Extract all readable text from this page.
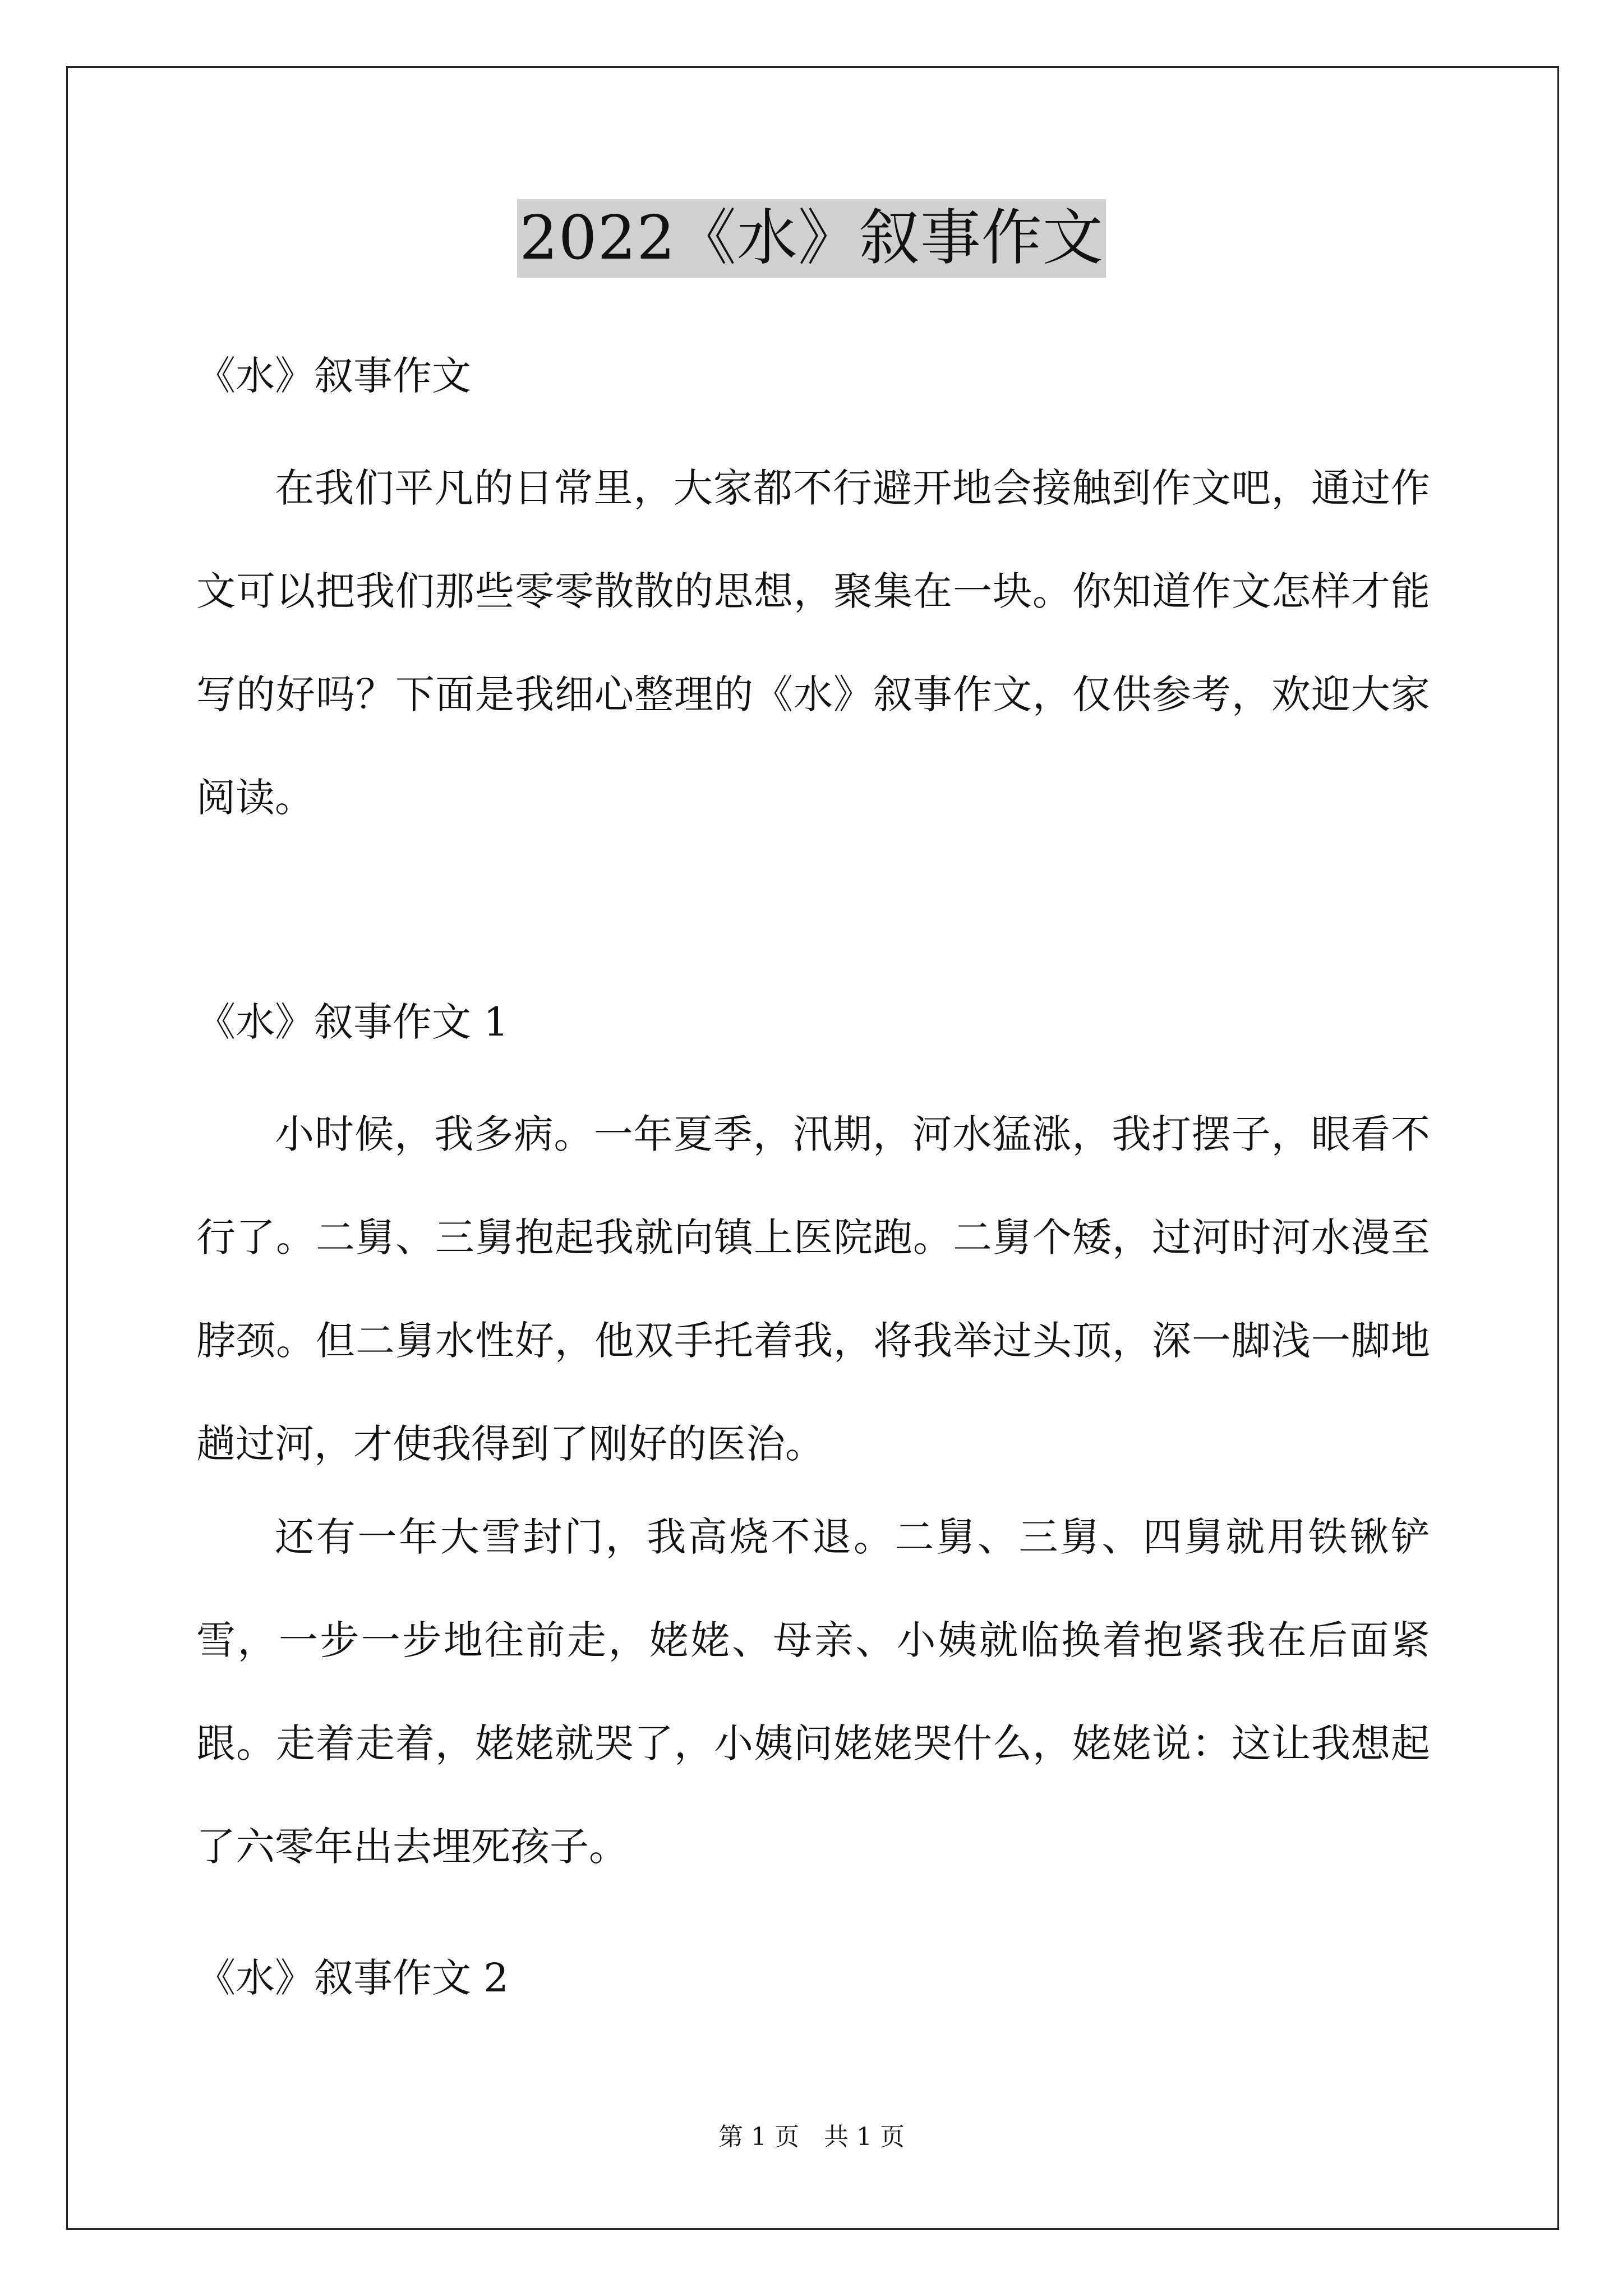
2022《水》叙事作文
《水》叙事作文
在我们平凡的日常里，大家都不行避开地会接触到作文吧，通过作文可以把我们那些零零散散的思想，聚集在一块。你知道作文怎样才能写的好吗？下面是我细心整理的《水》叙事作文，仅供参考，欢迎大家阅读。
《水》叙事作文 1
小时候，我多病。一年夏季，汛期，河水猛涨，我打摆子，眼看不行了。二舅、三舅抱起我就向镇上医院跑。二舅个矮，过河时河水漫至脖颈。但二舅水性好，他双手托着我，将我举过头顶，深一脚浅一脚地趟过河，才使我得到了刚好的医治。
还有一年大雪封门，我高烧不退。二舅、三舅、四舅就用铁锹铲雪，一步一步地往前走，姥姥、母亲、小姨就临换着抱紧我在后面紧跟。走着走着，姥姥就哭了，小姨问姥姥哭什么，姥姥说：这让我想起了六零年出去埋死孩子。
《水》叙事作文 2
第 1 页　共 1 页
